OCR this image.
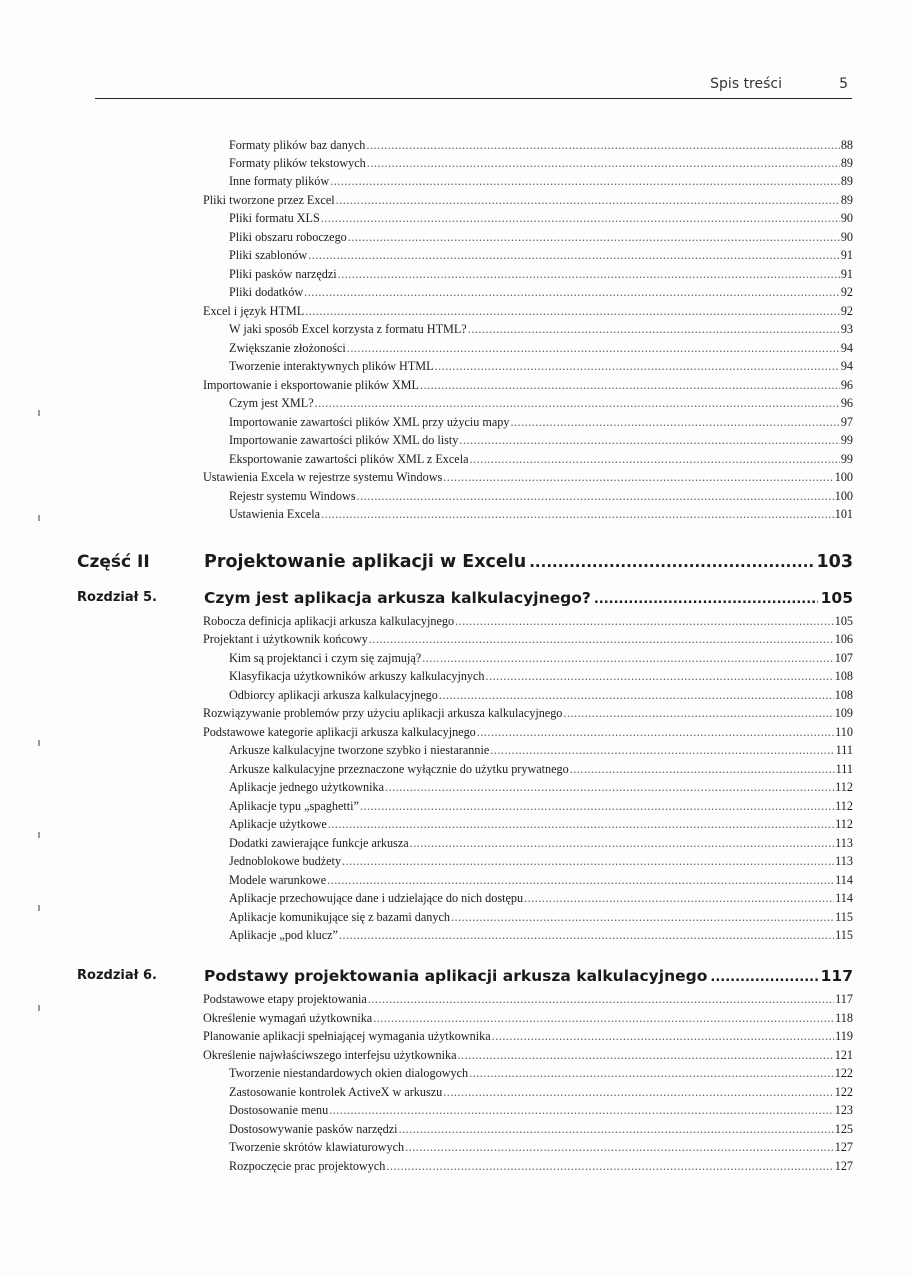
Spis treści	5
Formaty plików baz danych .....	88
Formaty plików tekstowych .....	89
Inne formaty plików .....	89
Pliki tworzone przez Excel .....	89
Pliki formatu XLS .....	90
Pliki obszaru roboczego .....	90
Pliki szablonów .....	91
Pliki pasków narzędzi .....	91
Pliki dodatków .....	92
Excel i język HTML .....	92
W jaki sposób Excel korzysta z formatu HTML? .....	93
Zwiększanie złożoności .....	94
Tworzenie interaktywnych plików HTML .....	94
Importowanie i eksportowanie plików XML .....	96
Czym jest XML? .....	96
Importowanie zawartości plików XML przy użyciu mapy .....	97
Importowanie zawartości plików XML do listy .....	99
Eksportowanie zawartości plików XML z Excela .....	99
Ustawienia Excela w rejestrze systemu Windows .....	100
Rejestr systemu Windows .....	100
Ustawienia Excela .....	101
Część II	Projektowanie aplikacji w Excelu .....	103
Rozdział 5.	Czym jest aplikacja arkusza kalkulacyjnego? .....	105
Robocza definicja aplikacji arkusza kalkulacyjnego .....	105
Projektant i użytkownik końcowy .....	106
Kim są projektanci i czym się zajmują? .....	107
Klasyfikacja użytkowników arkuszy kalkulacyjnych .....	108
Odbiorcy aplikacji arkusza kalkulacyjnego .....	108
Rozwiązywanie problemów przy użyciu aplikacji arkusza kalkulacyjnego .....	109
Podstawowe kategorie aplikacji arkusza kalkulacyjnego .....	110
Arkusze kalkulacyjne tworzone szybko i niestarannie .....	111
Arkusze kalkulacyjne przeznaczone wyłącznie do użytku prywatnego .....	111
Aplikacje jednego użytkownika .....	112
Aplikacje typu „spaghetti” .....	112
Aplikacje użytkowe .....	112
Dodatki zawierające funkcje arkusza .....	113
Jednoblokowe budżety .....	113
Modele warunkowe .....	114
Aplikacje przechowujące dane i udzielające do nich dostępu .....	114
Aplikacje komunikujące się z bazami danych .....	115
Aplikacje „pod klucz” .....	115
Rozdział 6.	Podstawy projektowania aplikacji arkusza kalkulacyjnego .....	117
Podstawowe etapy projektowania .....	117
Określenie wymagań użytkownika .....	118
Planowanie aplikacji spełniającej wymagania użytkownika .....	119
Określenie najwłaściwszego interfejsu użytkownika .....	121
Tworzenie niestandardowych okien dialogowych .....	122
Zastosowanie kontrolek ActiveX w arkuszu .....	122
Dostosowanie menu .....	123
Dostosowywanie pasków narzędzi .....	125
Tworzenie skrótów klawiaturowych .....	127
Rozpoczęcie prac projektowych .....	127
